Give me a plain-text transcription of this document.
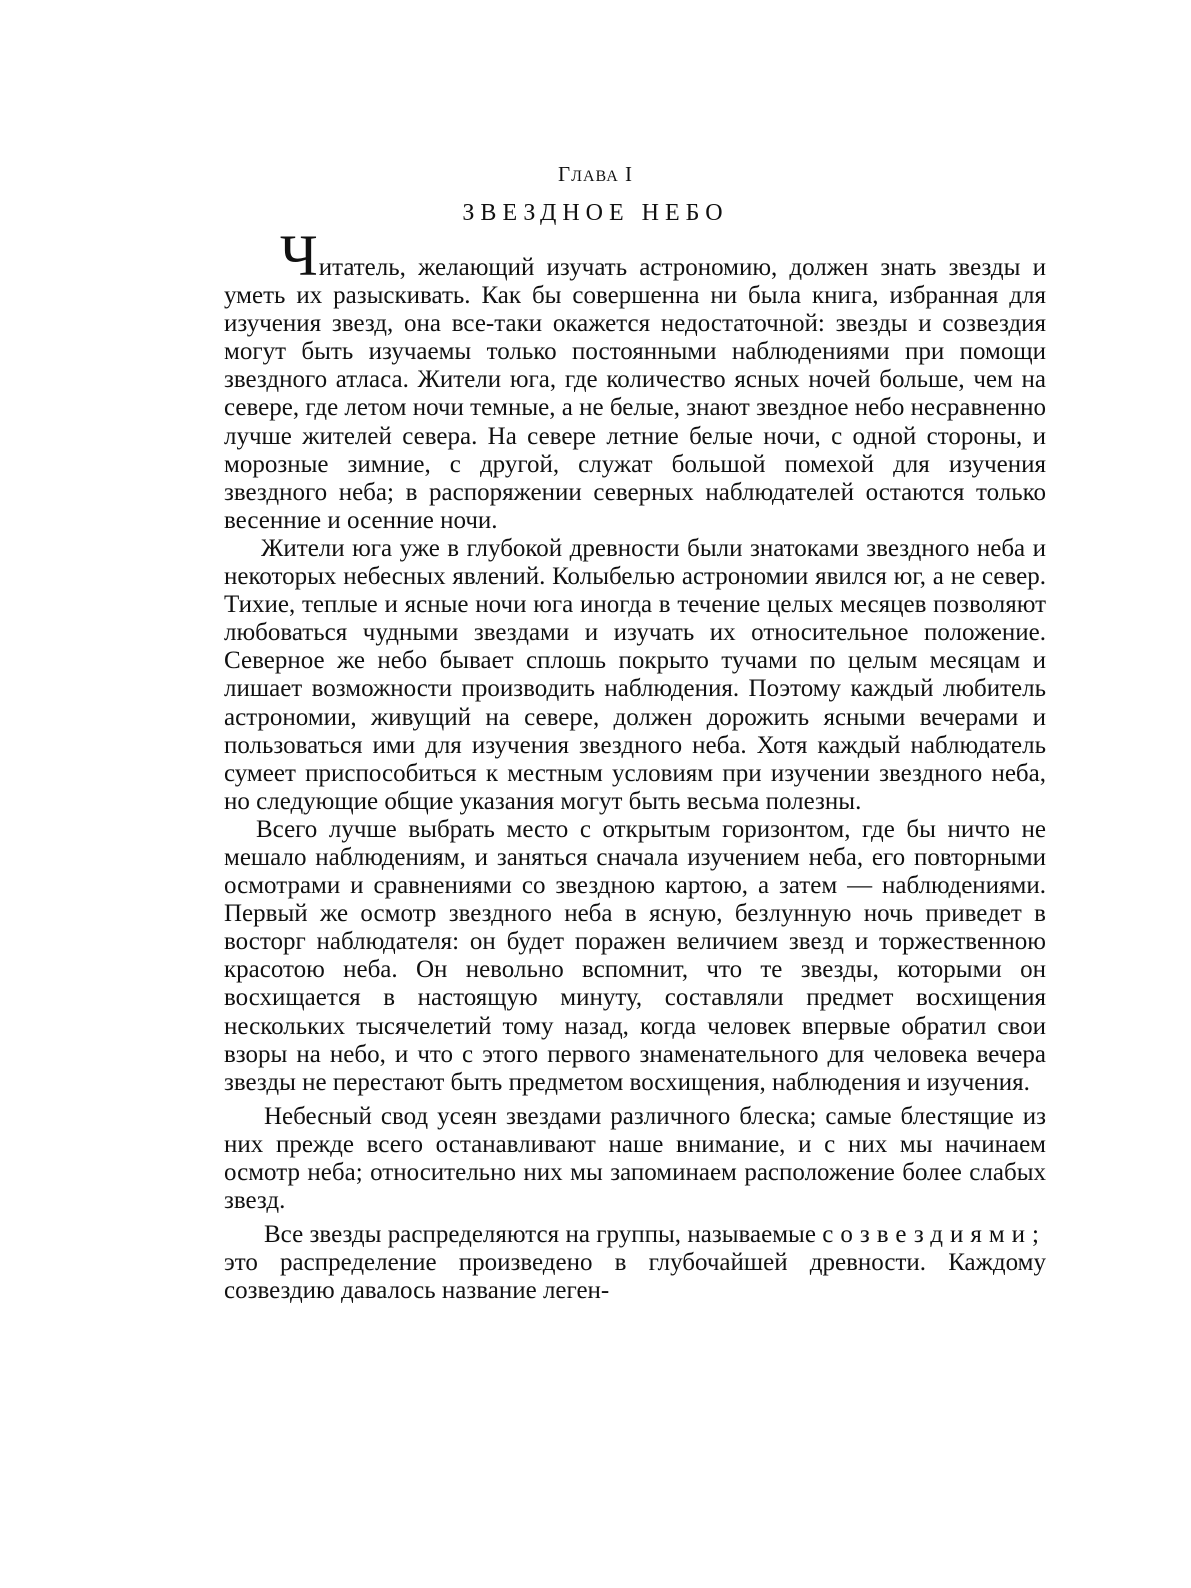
ГЛАВА I
ЗВЕЗДНОЕ НЕБО

Читатель, желающий изучать астрономию, должен знать звезды и уметь их разыскивать. Как бы совершенна ни была книга, избранная для изучения звезд, она все-таки окажется недостаточной: звезды и созвездия могут быть изучаемы только постоянными наблюдениями при помощи звездного атласа. Жители юга, где количество ясных ночей больше, чем на севере, где летом ночи темные, а не белые, знают звездное небо несравненно лучше жителей севера. На севере летние белые ночи, с одной стороны, и морозные зимние, с другой, служат большой помехой для изучения звездного неба; в распоряжении северных наблюдателей остаются только весенние и осенние ночи.

Жители юга уже в глубокой древности были знатоками звездного неба и некоторых небесных явлений. Колыбелью астрономии явился юг, а не север. Тихие, теплые и ясные ночи юга иногда в течение целых месяцев позволяют любоваться чудными звездами и изучать их относительное положение. Северное же небо бывает сплошь покрыто тучами по целым месяцам и лишает возможности производить наблюдения. Поэтому каждый любитель астрономии, живущий на севере, должен дорожить ясными вечерами и пользоваться ими для изучения звездного неба. Хотя каждый наблюдатель сумеет приспособиться к местным условиям при изучении звездного неба, но следующие общие указания могут быть весьма полезны.

Всего лучше выбрать место с открытым горизонтом, где бы ничто не мешало наблюдениям, и заняться сначала изучением неба, его повторными осмотрами и сравнениями со звездною картою, а затем — наблюдениями. Первый же осмотр звездного неба в ясную, безлунную ночь приведет в восторг наблюдателя: он будет поражен величием звезд и торжественною красотою неба. Он невольно вспомнит, что те звезды, которыми он восхищается в настоящую минуту, составляли предмет восхищения нескольких тысячелетий тому назад, когда человек впервые обратил свои взоры на небо, и что с этого первого знаменательного для человека вечера звезды не перестают быть предметом восхищения, наблюдения и изучения.

Небесный свод усеян звездами различного блеска; самые блестящие из них прежде всего останавливают наше внимание, и с них мы начинаем осмотр неба; относительно них мы запоминаем расположение более слабых звезд.

Все звезды распределяются на группы, называемые созвездиями; это распределение произведено в глубочайшей древности. Каждому созвездию давалось название леген-
